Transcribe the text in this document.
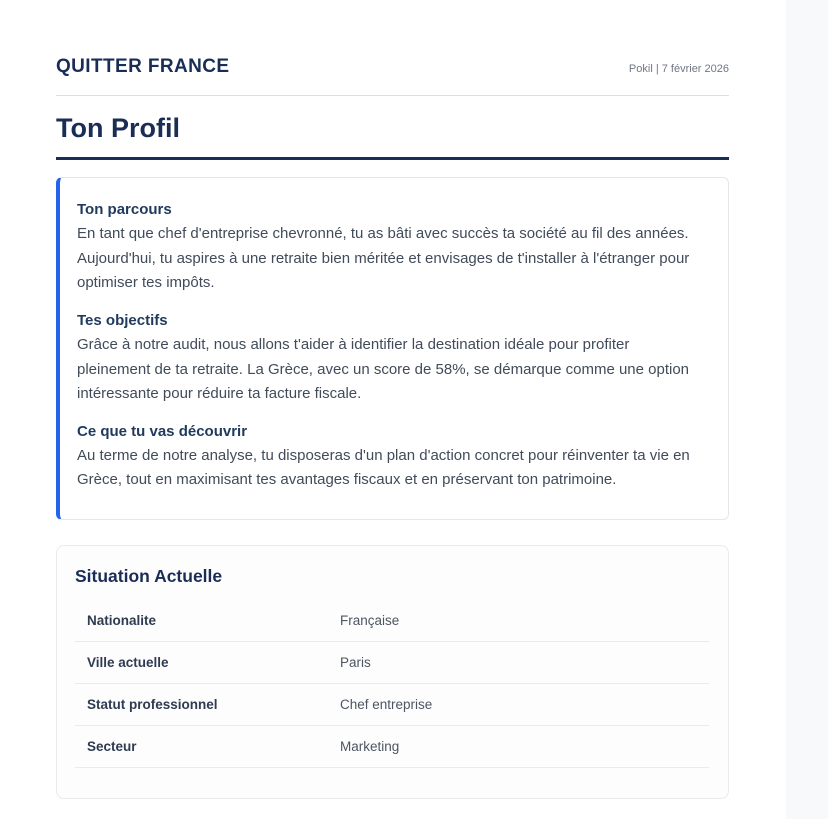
QUITTER FRANCE	Pokil | 7 février 2026
Ton Profil
Ton parcours
En tant que chef d'entreprise chevronné, tu as bâti avec succès ta société au fil des années. Aujourd'hui, tu aspires à une retraite bien méritée et envisages de t'installer à l'étranger pour optimiser tes impôts.
Tes objectifs
Grâce à notre audit, nous allons t'aider à identifier la destination idéale pour profiter pleinement de ta retraite. La Grèce, avec un score de 58%, se démarque comme une option intéressante pour réduire ta facture fiscale.
Ce que tu vas découvrir
Au terme de notre analyse, tu disposeras d'un plan d'action concret pour réinventer ta vie en Grèce, tout en maximisant tes avantages fiscaux et en préservant ton patrimoine.
Situation Actuelle
Nationalite	Française
Ville actuelle	Paris
Statut professionnel	Chef entreprise
Secteur	Marketing
